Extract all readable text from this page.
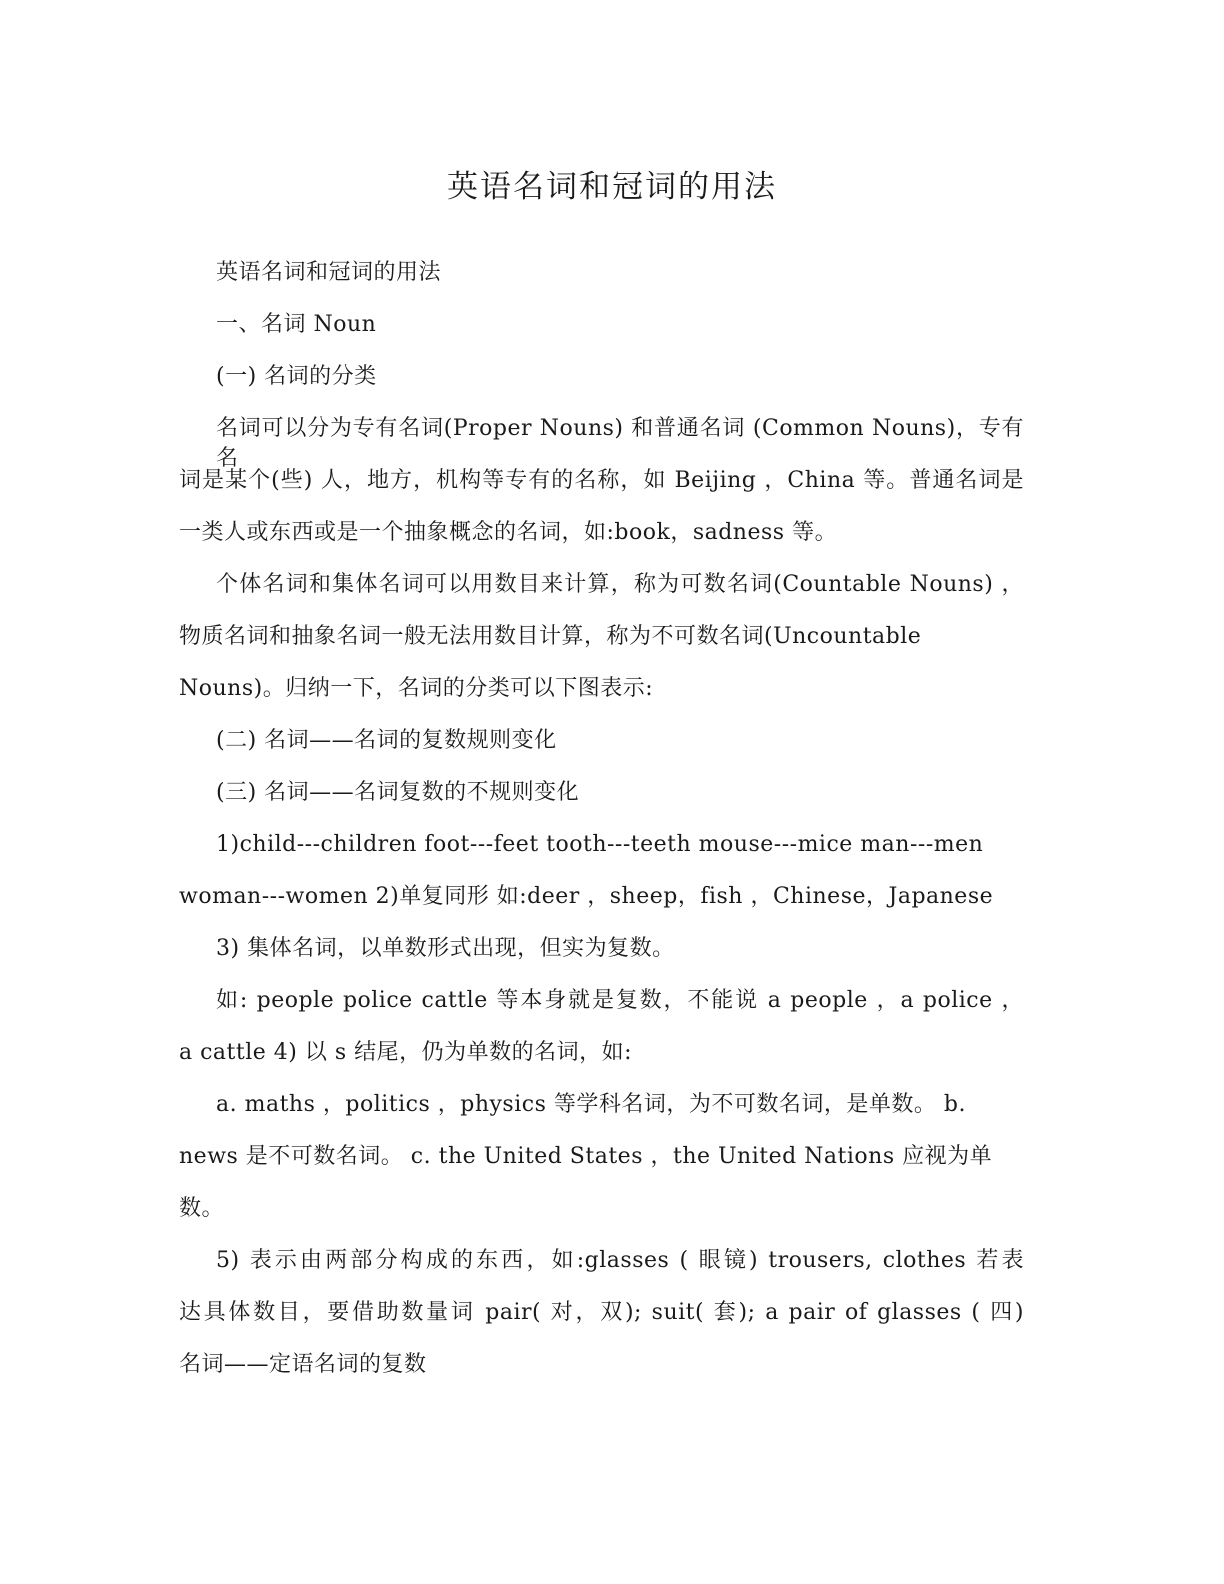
英语名词和冠词的用法
英语名词和冠词的用法
一、名词 Noun
(一) 名词的分类
名词可以分为专有名词(Proper Nouns) 和普通名词 (Common Nouns)，专有名
词是某个(些) 人，地方，机构等专有的名称，如 Beijing ，China 等。普通名词是
一类人或东西或是一个抽象概念的名词，如:book，sadness 等。
个体名词和集体名词可以用数目来计算，称为可数名词(Countable Nouns) ，
物质名词和抽象名词一般无法用数目计算，称为不可数名词(Uncountable
Nouns)。归纳一下，名词的分类可以下图表示:
(二) 名词——名词的复数规则变化
(三) 名词——名词复数的不规则变化
1)child---children foot---feet tooth---teeth mouse---mice man---men
woman---women 2)单复同形 如:deer ，sheep，fish ，Chinese，Japanese
3) 集体名词，以单数形式出现，但实为复数。
如: people police cattle 等本身就是复数，不能说 a people ，a police ，
a cattle 4) 以 s 结尾，仍为单数的名词，如:
a. maths ，politics ，physics 等学科名词，为不可数名词，是单数。 b.
news 是不可数名词。 c. the United States ，the United Nations 应视为单
数。
5) 表示由两部分构成的东西，如:glasses ( 眼镜) trousers, clothes 若表
达具体数目，要借助数量词 pair( 对，双); suit( 套); a pair of glasses ( 四)
名词——定语名词的复数
